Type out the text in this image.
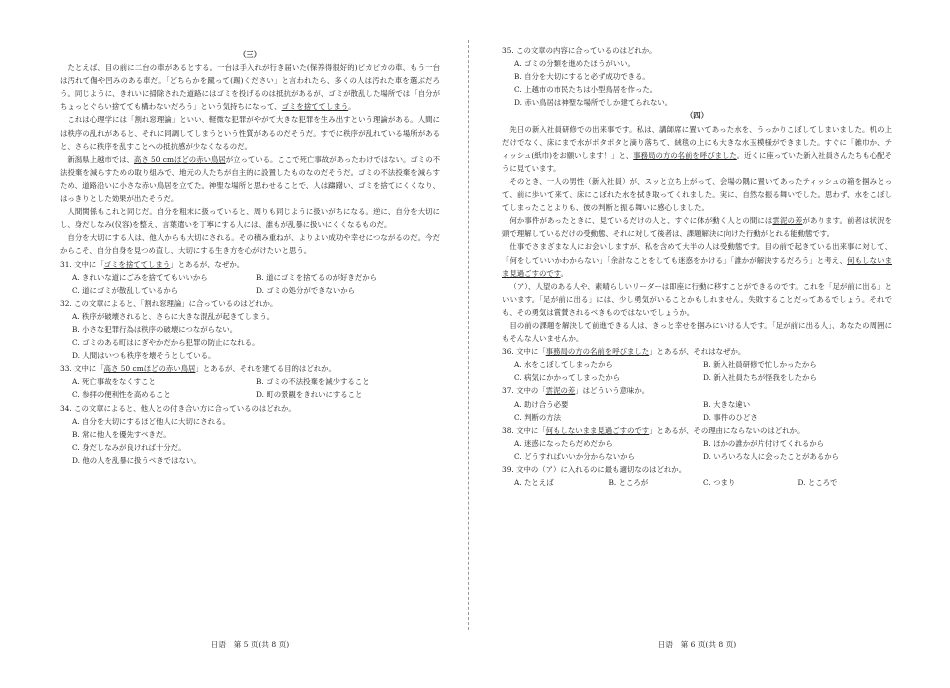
（三）

たとえば、目の前に二台の車があるとする。一台は手入れが行き届いた(保养得很好的)ピカピカの車、もう一台は汚れて傷や凹みのある車だ。「どちらかを蹴って(踢)ください」と言われたら、多くの人は汚れた車を選ぶだろう。同じように、きれいに掃除された道路にはゴミを投げるのは抵抗があるが、ゴミが散乱した場所では「自分がちょっとぐらい捨てても構わないだろう」という気持ちになって、ゴミを捨ててしまう。

これは心理学には「割れ窓理論」といい、軽微な犯罪がやがて大きな犯罪を生み出すという理論がある。人間には秩序の乱れがあると、それに同調してしまうという性質があるのだそうだ。すでに秩序が乱れている場所があると、さらに秩序を乱すことへの抵抗感が少なくなるのだ。

新潟県上越市では、高さ 50 cmほどの赤い鳥居が立っている。ここで死亡事故があったわけではない。ゴミの不法投棄を減らすための取り組みで、地元の人たちが自主的に設置したものなのだそうだ。ゴミの不法投棄を減らすため、道路沿いに小さな赤い鳥居を立てた。神聖な場所と思わせることで、人は躊躇い、ゴミを捨てにくくなり、はっきりとした効果が出たそうだ。

人間関係もこれと同じだ。自分を粗末に扱っていると、周りも同じように扱いがちになる。逆に、自分を大切にし、身だしなみ(仪容)を整え、言葉遣いを丁寧にする人には、誰もが乱暴に扱いにくくなるものだ。

自分を大切にする人は、他人からも大切にされる。その積み重ねが、よりよい成功や幸せにつながるのだ。今だからこそ、自分自身を見つめ直し、大切にする生き方を心がけたいと思う。

31. 文中に「ゴミを捨ててしまう」とあるが、なぜか。

A. きれいな道にごみを捨ててもいいから	B. 道にゴミを捨てるのが好きだから
C. 道にゴミが散乱しているから	D. ゴミの処分ができないから

32. この文章によると、「割れ窓理論」に合っているのはどれか。

A. 秩序が破壊されると、さらに大きな混乱が起きてしまう。

B. 小さな犯罪行為は秩序の破壊につながらない。

C. ゴミのある町はにぎやかだから犯罪の防止になれる。

D. 人間はいつも秩序を壊そうとしている。

33. 文中に「高さ 50 cmほどの赤い鳥居」とあるが、それを建てる目的はどれか。

A. 死亡事故をなくすこと	B. ゴミの不法投棄を減少すること
C. 参拝の便利性を高めること	D. 町の景観をきれいにすること

34. この文章によると、他人との付き合い方に合っているのはどれか。

A. 自分を大切にするほど他人に大切にされる。

B. 常に他人を優先すべきだ。

C. 身だしなみが良ければ十分だ。

D. 他の人を乱暴に扱うべきではない。

日语　第 5 页(共 8 页)

35. この文章の内容に合っているのはどれか。

A. ゴミの分類を進めたほうがいい。

B. 自分を大切にすると必ず成功できる。

C. 上越市の市民たちは小型鳥居を作った。

D. 赤い鳥居は神聖な場所でしか建てられない。

（四）

先日の新入社員研修での出来事です。私は、講師席に置いてあった水を、うっかりこぼしてしまいました。机の上だけでなく、床にまで水がポタポタと滴り落ちて、絨毯の上にも大きな水玉模様ができました。すぐに「雑巾か、ティッシュ(紙巾)をお願いします！」と、事務局の方の名前を呼びました。近くに座っていた新入社員さんたちも心配そうに見ています。

そのとき、一人の男性（新入社員）が、スッと立ち上がって、会場の隅に置いてあったティッシュの箱を掴みとって、前に歩いて来て、床にこぼれた水を拭き取ってくれました。実に、自然な振る舞いでした。思わず、水をこぼしてしまったことよりも、彼の判断と振る舞いに感心しました。

何か事件があったときに、見ているだけの人と、すぐに体が動く人との間には雲泥の差があります。前者は状況を頭で理解しているだけの受動態、それに対して後者は、課題解決に向けた行動がとれる能動態です。

仕事でさまざまな人にお会いしますが、私を含めて大半の人は受動態です。目の前で起きている出来事に対して、「何をしていいかわからない」「余計なことをしても迷惑をかける」「誰かが解決するだろう」と考え、何もしないまま見過ごすのです。

（ア）、人望のある人や、素晴らしいリーダーは即座に行動に移すことができるのです。これを「足が前に出る」といいます。「足が前に出る」には、少し勇気がいることかもしれません。失敗することだってあるでしょう。それでも、その勇気は賞賛されるべきものではないでしょうか。

目の前の課題を解決して前進できる人は、きっと幸せを掴みにいける人です。「足が前に出る人」、あなたの周囲にもそんな人いませんか。

36. 文中に「事務局の方の名前を呼びました」とあるが、それはなぜか。

A. 水をこぼしてしまったから	B. 新入社員研修で忙しかったから
C. 病気にかかってしまったから	D. 新入社員たちが怪我をしたから

37. 文中の「雲泥の差」はどういう意味か。

A. 助け合う必要	B. 大きな違い
C. 判断の方法	D. 事件のひどさ

38. 文中に「何もしないまま見過ごすのです」とあるが、その理由にならないのはどれか。

A. 迷惑になったらだめだから	B. ほかの誰かが片付けてくれるから
C. どうすればいいか分からないから	D. いろいろな人に会ったことがあるから

39. 文中の（ア）に入れるのに最も適切なのはどれか。

A. たとえば	B. ところが	C. つまり	D. ところで
日语　第 6 页(共 8 页)
